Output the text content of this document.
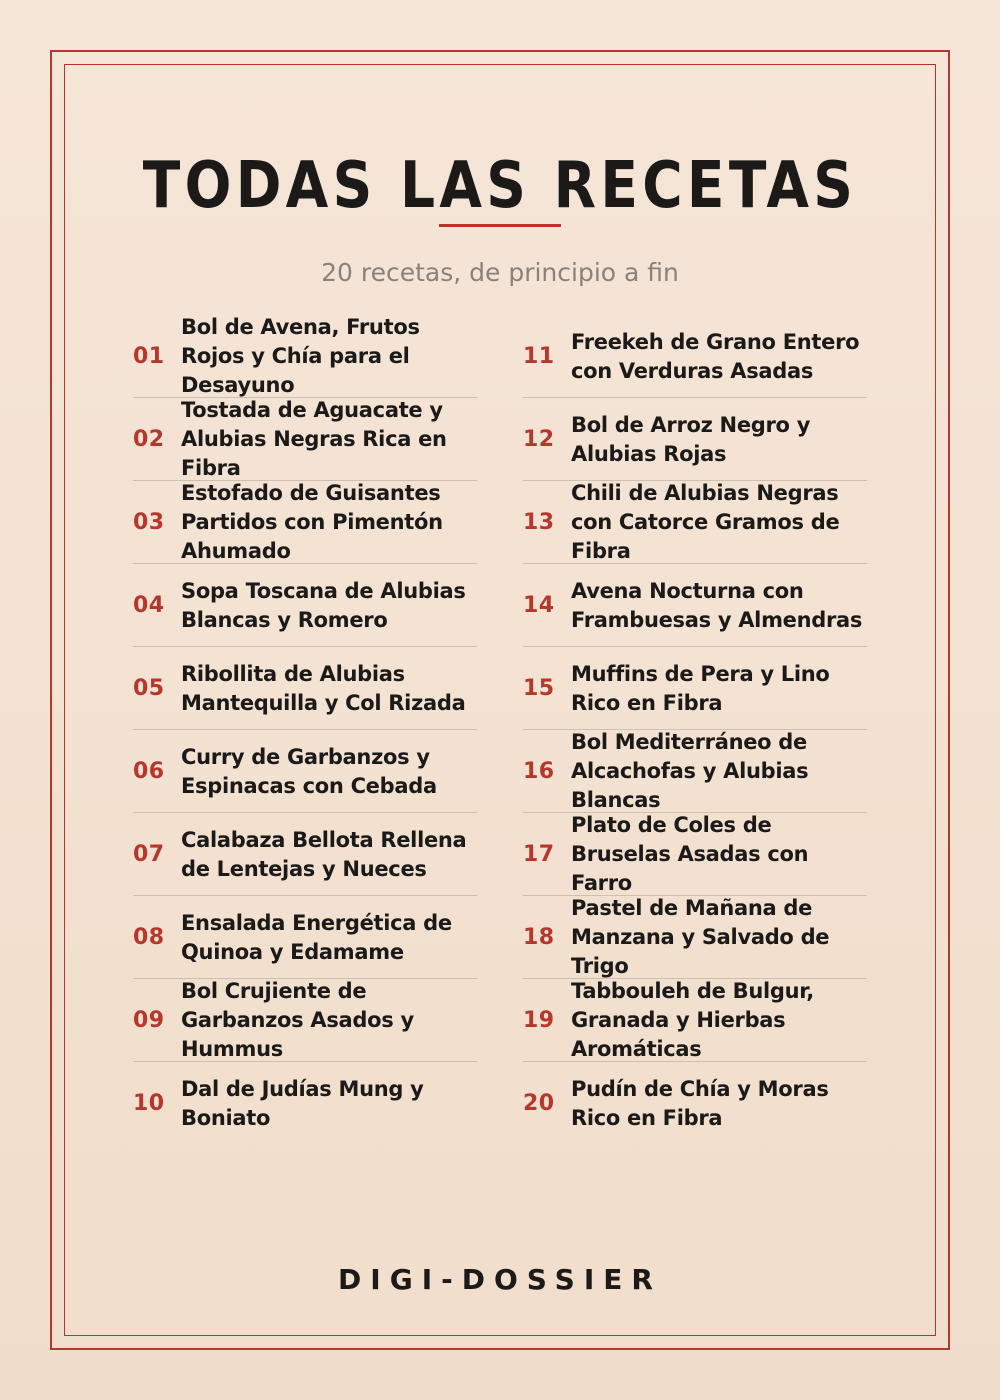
TODAS LAS RECETAS
20 recetas, de principio a fin
01
Bol de Avena, Frutos Rojos y Chía para el Desayuno
02
Tostada de Aguacate y Alubias Negras Rica en Fibra
03
Estofado de Guisantes Partidos con Pimentón Ahumado
04
Sopa Toscana de Alubias Blancas y Romero
05
Ribollita de Alubias Mantequilla y Col Rizada
06
Curry de Garbanzos y Espinacas con Cebada
07
Calabaza Bellota Rellena de Lentejas y Nueces
08
Ensalada Energética de Quinoa y Edamame
09
Bol Crujiente de Garbanzos Asados y Hummus
10
Dal de Judías Mung y Boniato
11
Freekeh de Grano Entero con Verduras Asadas
12
Bol de Arroz Negro y Alubias Rojas
13
Chili de Alubias Negras con Catorce Gramos de Fibra
14
Avena Nocturna con Frambuesas y Almendras
15
Muffins de Pera y Lino Rico en Fibra
16
Bol Mediterráneo de Alcachofas y Alubias Blancas
17
Plato de Coles de Bruselas Asadas con Farro
18
Pastel de Mañana de Manzana y Salvado de Trigo
19
Tabbouleh de Bulgur, Granada y Hierbas Aromáticas
20
Pudín de Chía y Moras Rico en Fibra
DIGI-DOSSIER
